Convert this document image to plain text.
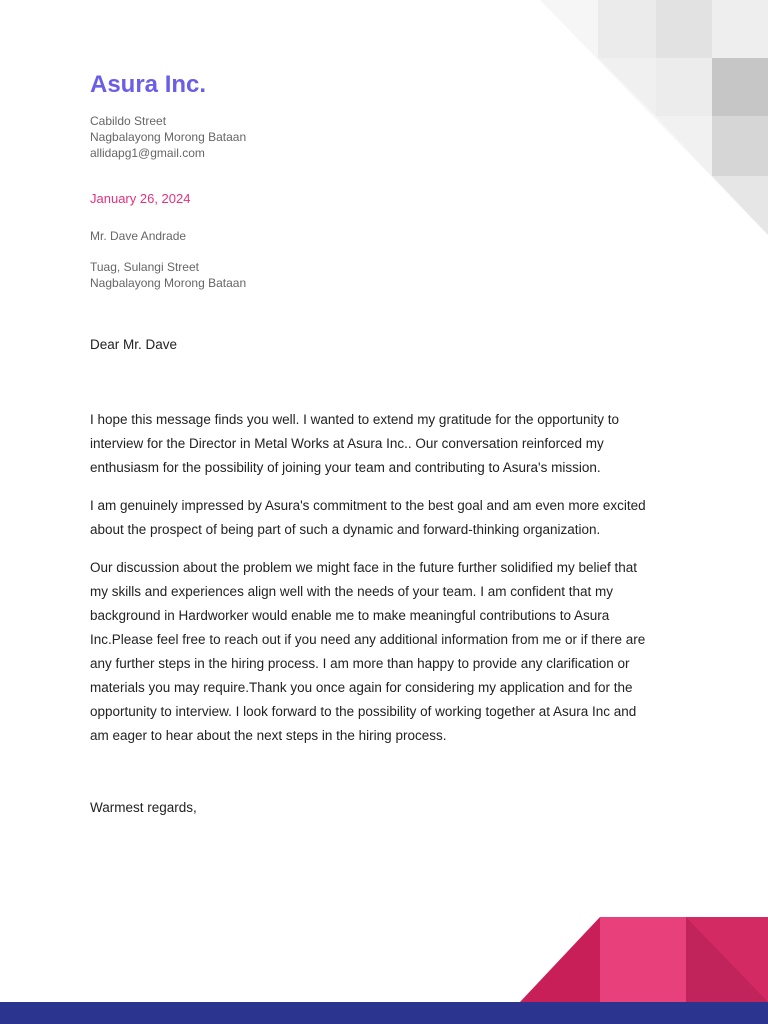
Asura Inc.
Cabildo Street
Nagbalayong Morong Bataan
allidapg1@gmail.com
January 26, 2024
Mr. Dave Andrade
Tuag, Sulangi Street
Nagbalayong Morong Bataan
Dear Mr. Dave

I hope this message finds you well. I wanted to extend my gratitude for the opportunity to
interview for the Director in Metal Works at Asura Inc.. Our conversation reinforced my
enthusiasm for the possibility of joining your team and contributing to Asura's mission.

I am genuinely impressed by Asura's commitment to the best goal and am even more excited
about the prospect of being part of such a dynamic and forward-thinking organization.

Our discussion about the problem we might face in the future further solidified my belief that
my skills and experiences align well with the needs of your team. I am confident that my
background in Hardworker would enable me to make meaningful contributions to Asura
Inc.Please feel free to reach out if you need any additional information from me or if there are
any further steps in the hiring process. I am more than happy to provide any clarification or
materials you may require.Thank you once again for considering my application and for the
opportunity to interview. I look forward to the possibility of working together at Asura Inc and
am eager to hear about the next steps in the hiring process.

Warmest regards,
